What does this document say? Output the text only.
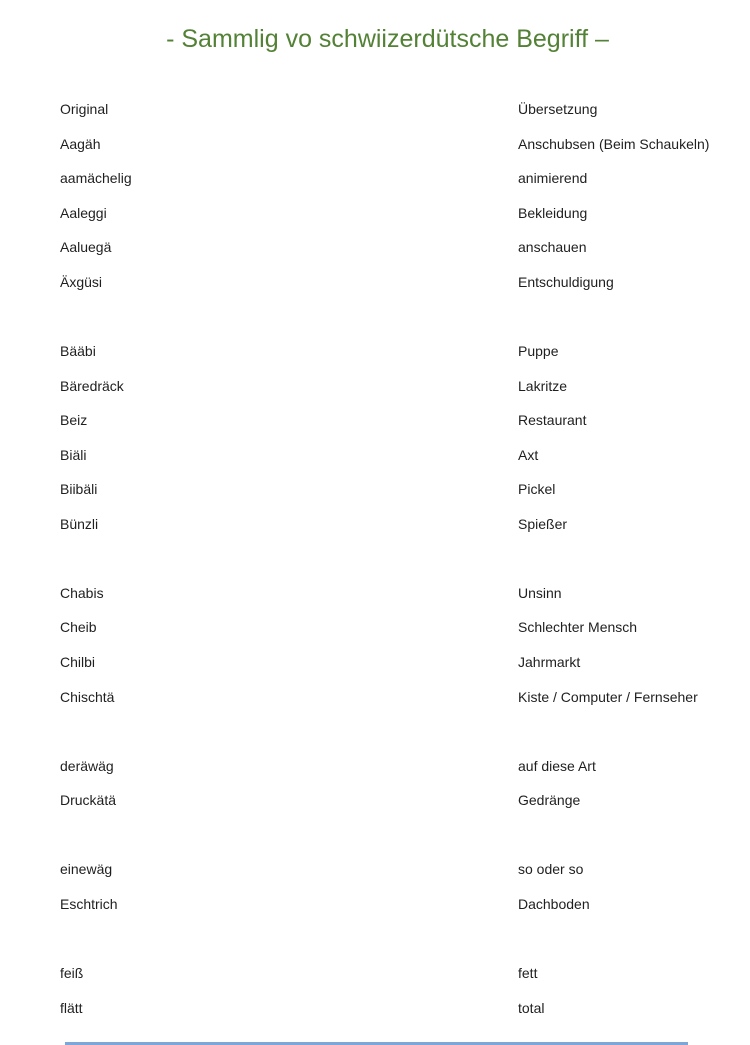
- Sammlig vo schwiizerdütsche Begriff –
Original	Übersetzung
Aagäh	Anschubsen (Beim Schaukeln)
aamächelig	animierend
Aaleggi	Bekleidung
Aaluegä	anschauen
Äxgüsi	Entschuldigung
Bääbi	Puppe
Bäredräck	Lakritze
Beiz	Restaurant
Biäli	Axt
Biibäli	Pickel
Bünzli	Spießer
Chabis	Unsinn
Cheib	Schlechter Mensch
Chilbi	Jahrmarkt
Chischtä	Kiste / Computer / Fernseher
deräwäg	auf diese Art
Druckätä	Gedränge
einewäg	so oder so
Eschtrich	Dachboden
feiß	fett
flätt	total
